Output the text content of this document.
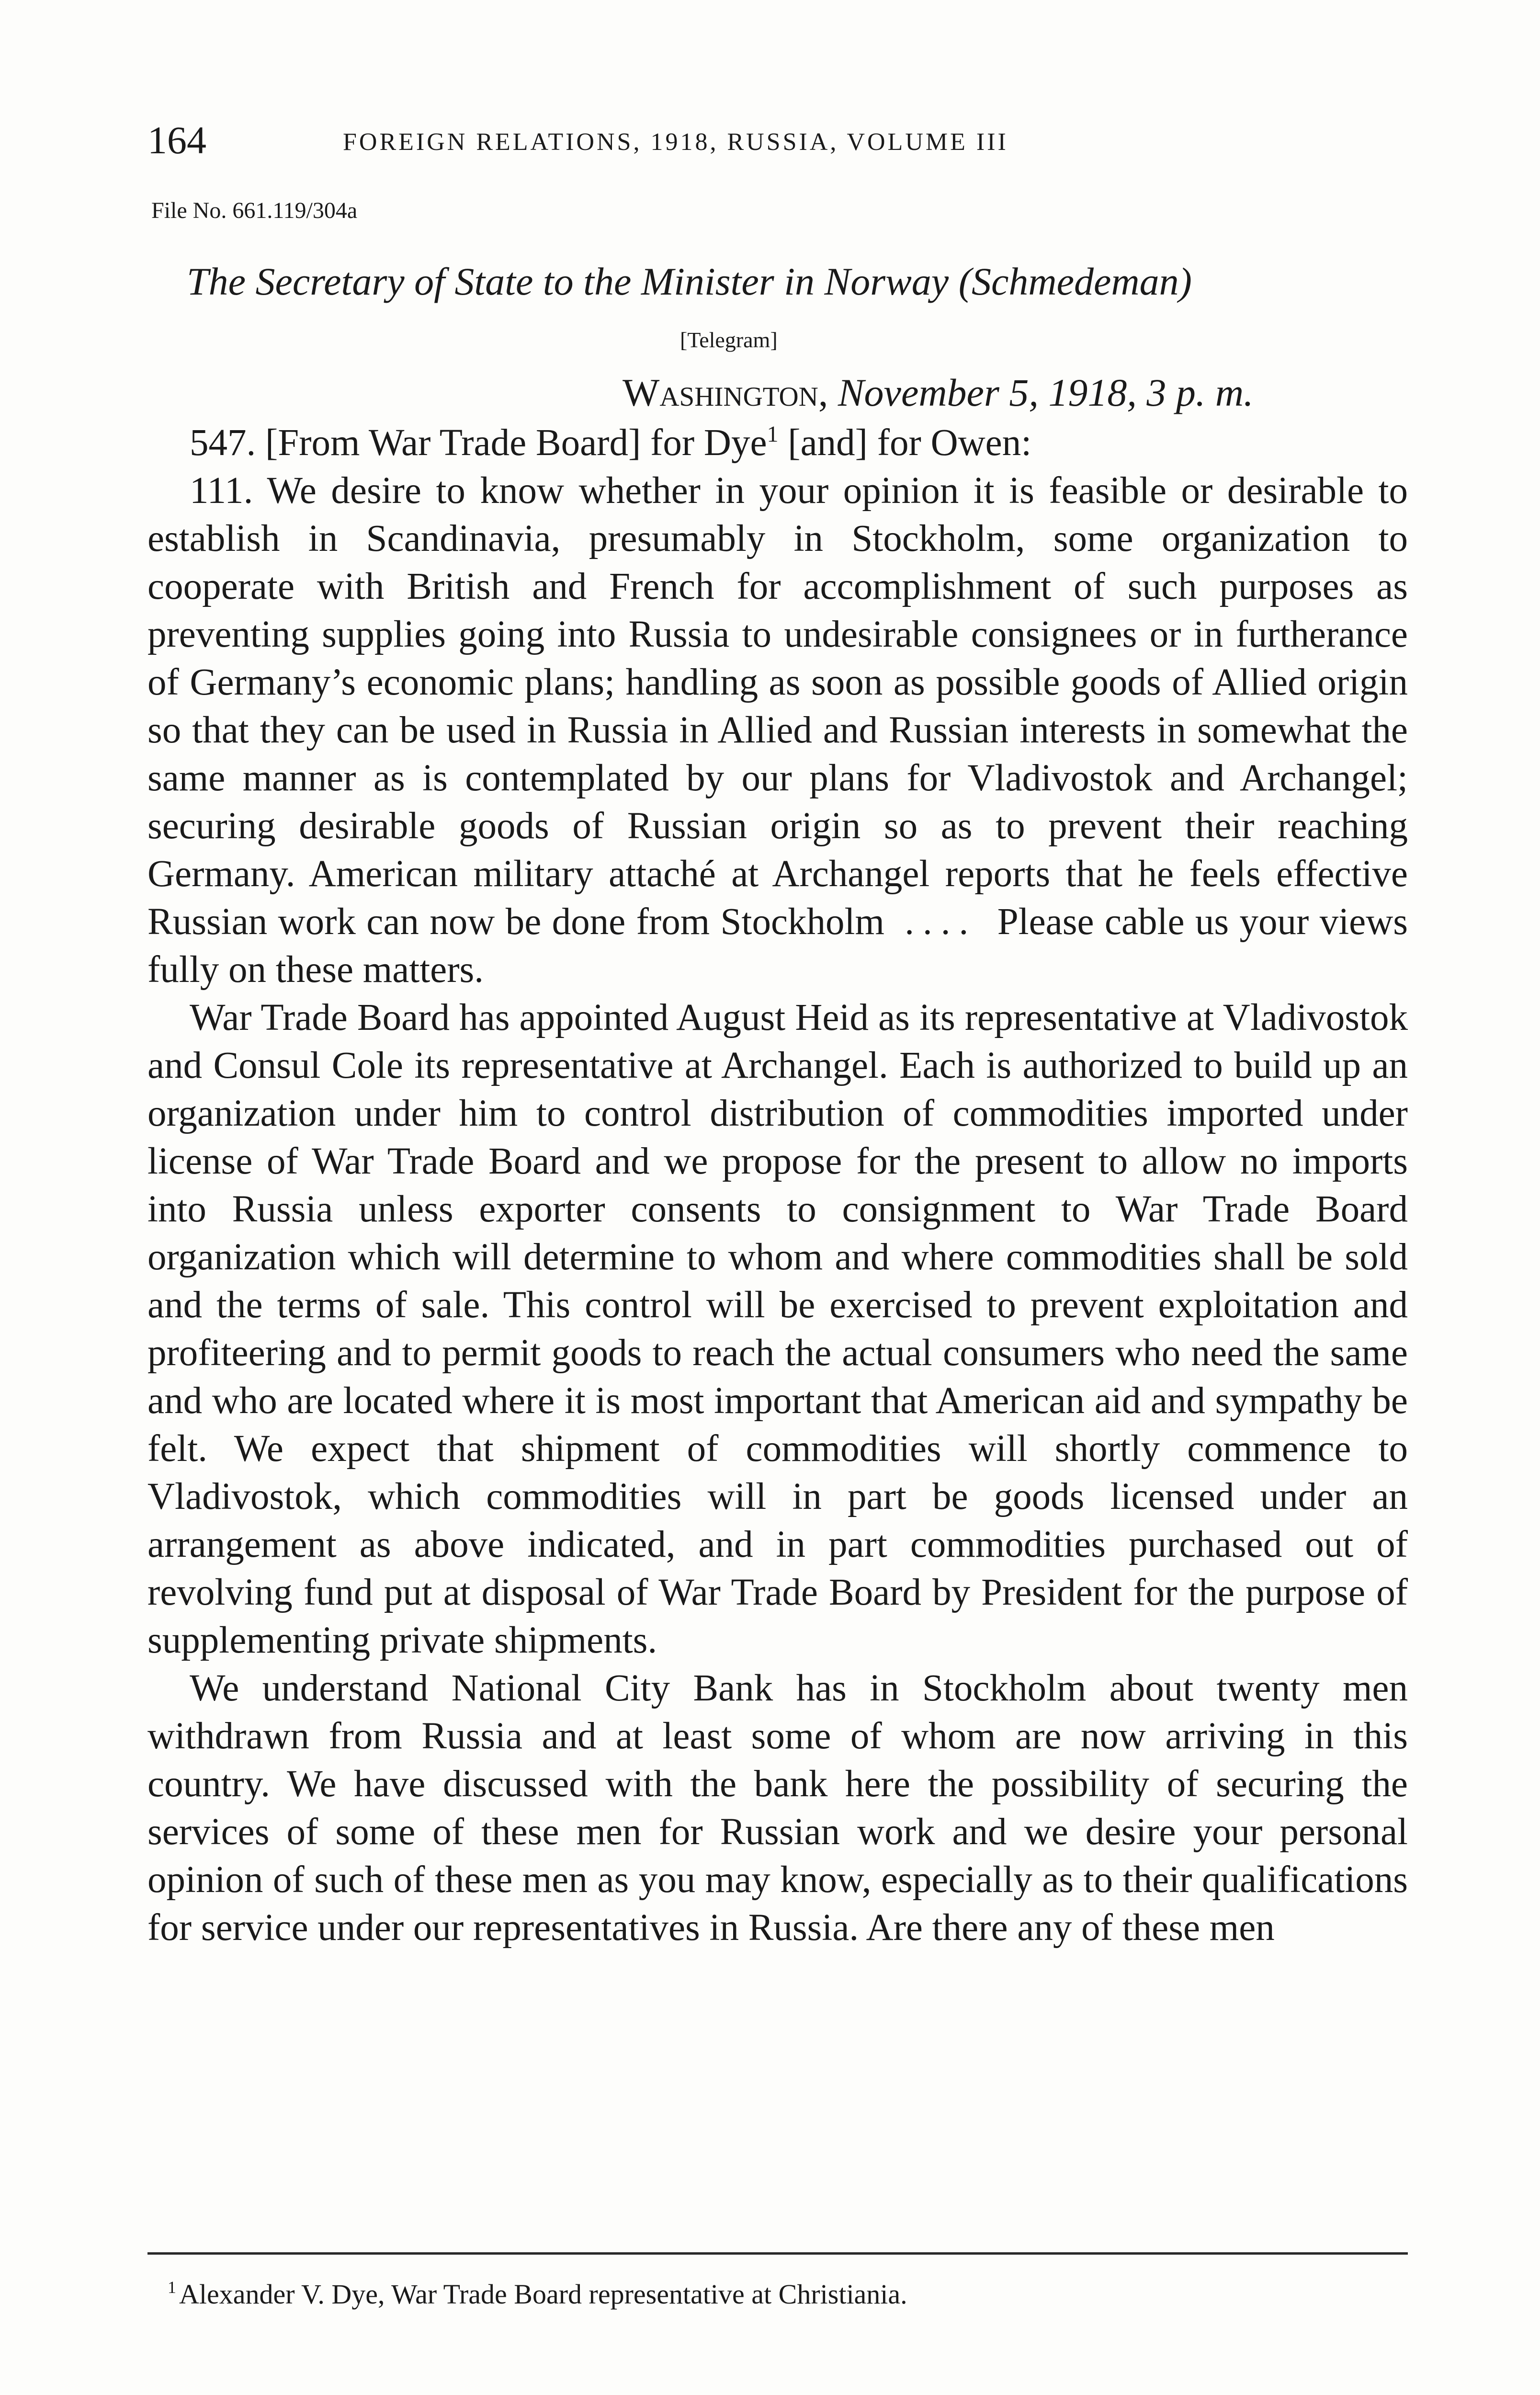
164	FOREIGN RELATIONS, 1918, RUSSIA, VOLUME III
File No. 661.119/304a
The Secretary of State to the Minister in Norway (Schmedeman)
[Telegram]
Washington, November 5, 1918, 3 p. m.

547. [From War Trade Board] for Dye$^1$ [and] for Owen:

111. We desire to know whether in your opinion it is feasible or desirable to establish in Scandinavia, presumably in Stockholm, some organization to cooperate with British and French for accomplishment of such purposes as preventing supplies going into Russia to undesirable consignees or in furtherance of Germany’s economic plans; handling as soon as possible goods of Allied origin so that they can be used in Russia in Allied and Russian interests in somewhat the same manner as is contemplated by our plans for Vladivostok and Archangel; securing desirable goods of Russian origin so as to prevent their reaching Germany. American military attaché at Archangel reports that he feels effective Russian work can now be done from Stockholm .... Please cable us your views fully on these matters.

War Trade Board has appointed August Heid as its representative at Vladivostok and Consul Cole its representative at Archangel. Each is authorized to build up an organization under him to control distribution of commodities imported under license of War Trade Board and we propose for the present to allow no imports into Russia unless exporter consents to consignment to War Trade Board organization which will determine to whom and where commodities shall be sold and the terms of sale. This control will be exercised to prevent exploitation and profiteering and to permit goods to reach the actual consumers who need the same and who are located where it is most important that American aid and sympathy be felt. We expect that shipment of commodities will shortly commence to Vladivostok, which commodities will in part be goods licensed under an arrangement as above indicated, and in part commodities purchased out of revolving fund put at disposal of War Trade Board by President for the purpose of supplementing private shipments.

We understand National City Bank has in Stockholm about twenty men withdrawn from Russia and at least some of whom are now arriving in this country. We have discussed with the bank here the possibility of securing the services of some of these men for Russian work and we desire your personal opinion of such of these men as you may know, especially as to their qualifications for service under our representatives in Russia. Are there any of these men

$^1$ Alexander V. Dye, War Trade Board representative at Christiania.
